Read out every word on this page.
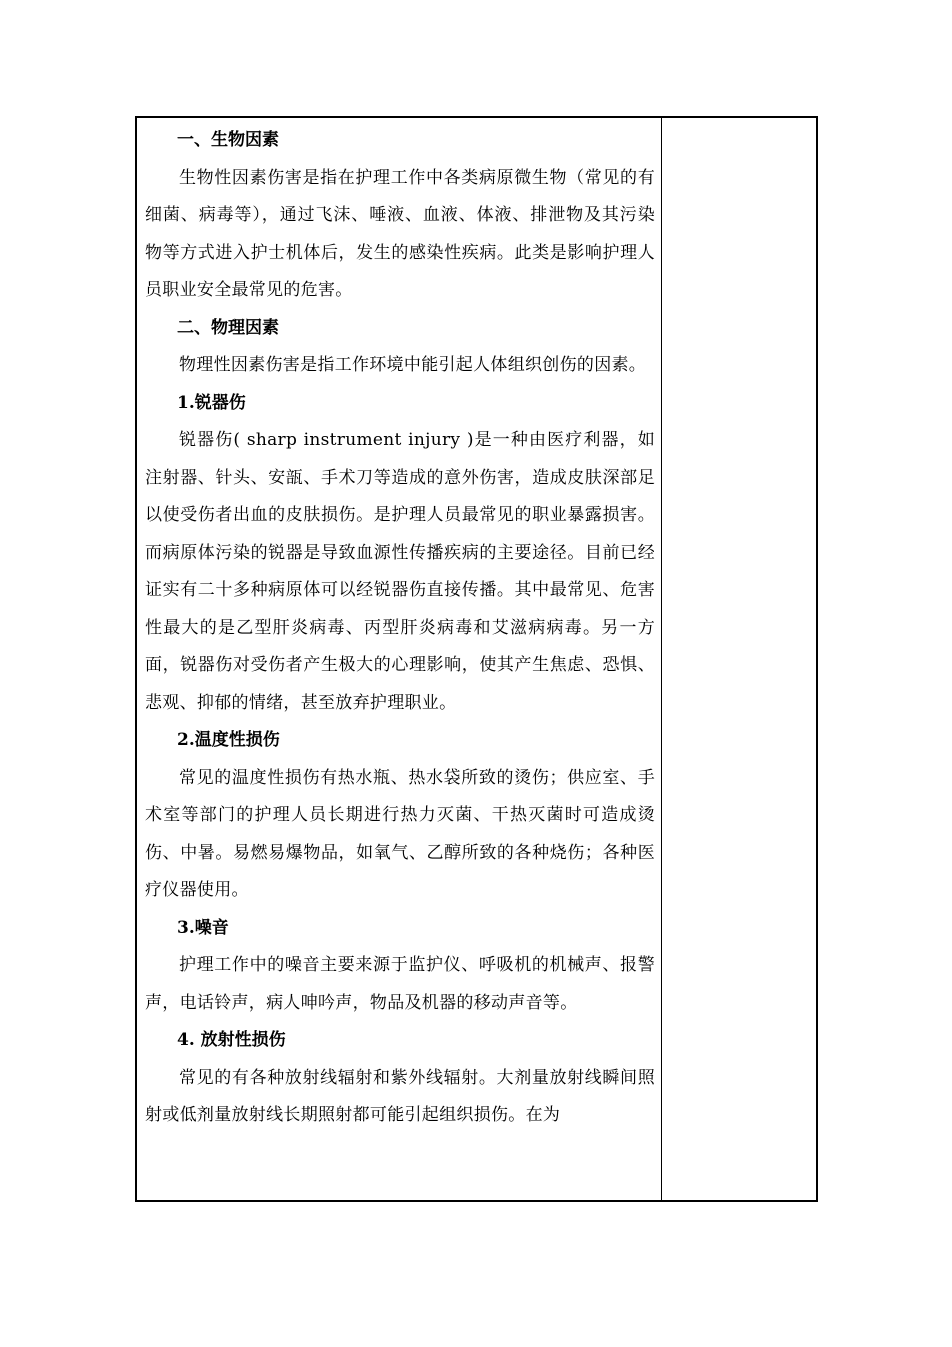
一、生物因素

生物性因素伤害是指在护理工作中各类病原微生物（常见的有细菌、病毒等），通过飞沫、唾液、血液、体液、排泄物及其污染物等方式进入护士机体后，发生的感染性疾病。此类是影响护理人员职业安全最常见的危害。

二、物理因素

物理性因素伤害是指工作环境中能引起人体组织创伤的因素。

1.锐器伤

锐器伤( sharp instrument injury )是一种由医疗利器，如注射器、针头、安瓿、手术刀等造成的意外伤害，造成皮肤深部足以使受伤者出血的皮肤损伤。是护理人员最常见的职业暴露损害。而病原体污染的锐器是导致血源性传播疾病的主要途径。目前已经证实有二十多种病原体可以经锐器伤直接传播。其中最常见、危害性最大的是乙型肝炎病毒、丙型肝炎病毒和艾滋病病毒。另一方面，锐器伤对受伤者产生极大的心理影响，使其产生焦虑、恐惧、悲观、抑郁的情绪，甚至放弃护理职业。

2.温度性损伤

常见的温度性损伤有热水瓶、热水袋所致的烫伤；供应室、手术室等部门的护理人员长期进行热力灭菌、干热灭菌时可造成烫伤、中暑。易燃易爆物品，如氧气、乙醇所致的各种烧伤；各种医疗仪器使用。

3.噪音

护理工作中的噪音主要来源于监护仪、呼吸机的机械声、报警声，电话铃声，病人呻吟声，物品及机器的移动声音等。

4. 放射性损伤

常见的有各种放射线辐射和紫外线辐射。大剂量放射线瞬间照射或低剂量放射线长期照射都可能引起组织损伤。在为
